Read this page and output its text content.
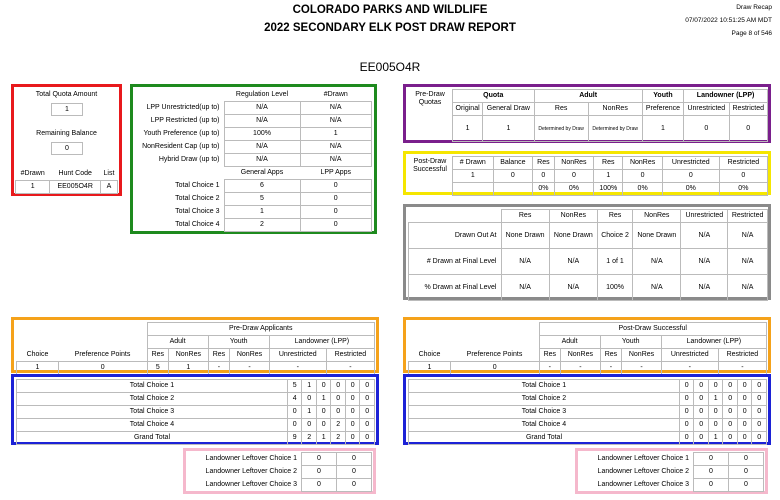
COLORADO PARKS AND WILDLIFE
2022 SECONDARY ELK POST DRAW REPORT
Draw Recap
07/07/2022 10:51:25 AM MDT
Page 8 of 546
EE005O4R
Total Quota Amount
1
Remaining Balance
0
#Drawn	Hunt Code	List
1	EE005O4R	A
	Regulation Level	#Drawn
LPP Unrestricted(up to)	N/A	N/A
LPP Restricted (up to)	N/A	N/A
Youth Preference (up to)	100%	1
NonResident Cap (up to)	N/A	N/A
Hybrid Draw (up to)	N/A	N/A
	General Apps	LPP Apps
Total Choice 1	6	0
Total Choice 2	5	0
Total Choice 3	1	0
Total Choice 4	2	0
Pre-Draw Quotas
Quota		Adult		Youth	Landowner (LPP)	
Original	General Draw	Res	NonRes	Preference	Unrestricted	Restricted
1	1	Determined by Draw	Determined by Draw	1	0	0
Post-Draw Successful
# Drawn	Balance	Res	NonRes	Res	NonRes	Unrestricted	Restricted
1	0	0	0	1	0	0	0
		0%	0%	100%	0%	0%	0%
	Res	NonRes	Res	NonRes	Unrestricted	Restricted
Drawn Out At	None Drawn	None Drawn	Choice 2	None Drawn	N/A	N/A
# Drawn at Final Level	N/A	N/A	1 of 1	N/A	N/A	N/A
% Drawn at Final Level	N/A	N/A	100%	N/A	N/A	N/A
		Pre-Draw Applicants					
		Adult		Youth		Landowner (LPP)	
Choice	Preference Points	Res	NonRes	Res	NonRes	Unrestricted	Restricted
1	0	5	1	-	-	-	-
Total Choice 1	5	1	0	0	0	0
Total Choice 2	4	0	1	0	0	0
Total Choice 3	0	1	0	0	0	0
Total Choice 4	0	0	0	2	0	0
Grand Total	9	2	1	2	0	0
Landowner Leftover Choice 1	0	0
Landowner Leftover Choice 2	0	0
Landowner Leftover Choice 3	0	0
		Post-Draw Successful					
		Adult		Youth		Landowner (LPP)	
Choice	Preference Points	Res	NonRes	Res	NonRes	Unrestricted	Restricted
1	0	-	-	-	-	-	-
Total Choice 1	0	0	0	0	0	0
Total Choice 2	0	0	1	0	0	0
Total Choice 3	0	0	0	0	0	0
Total Choice 4	0	0	0	0	0	0
Grand Total	0	0	1	0	0	0
Landowner Leftover Choice 1	0	0
Landowner Leftover Choice 2	0	0
Landowner Leftover Choice 3	0	0
